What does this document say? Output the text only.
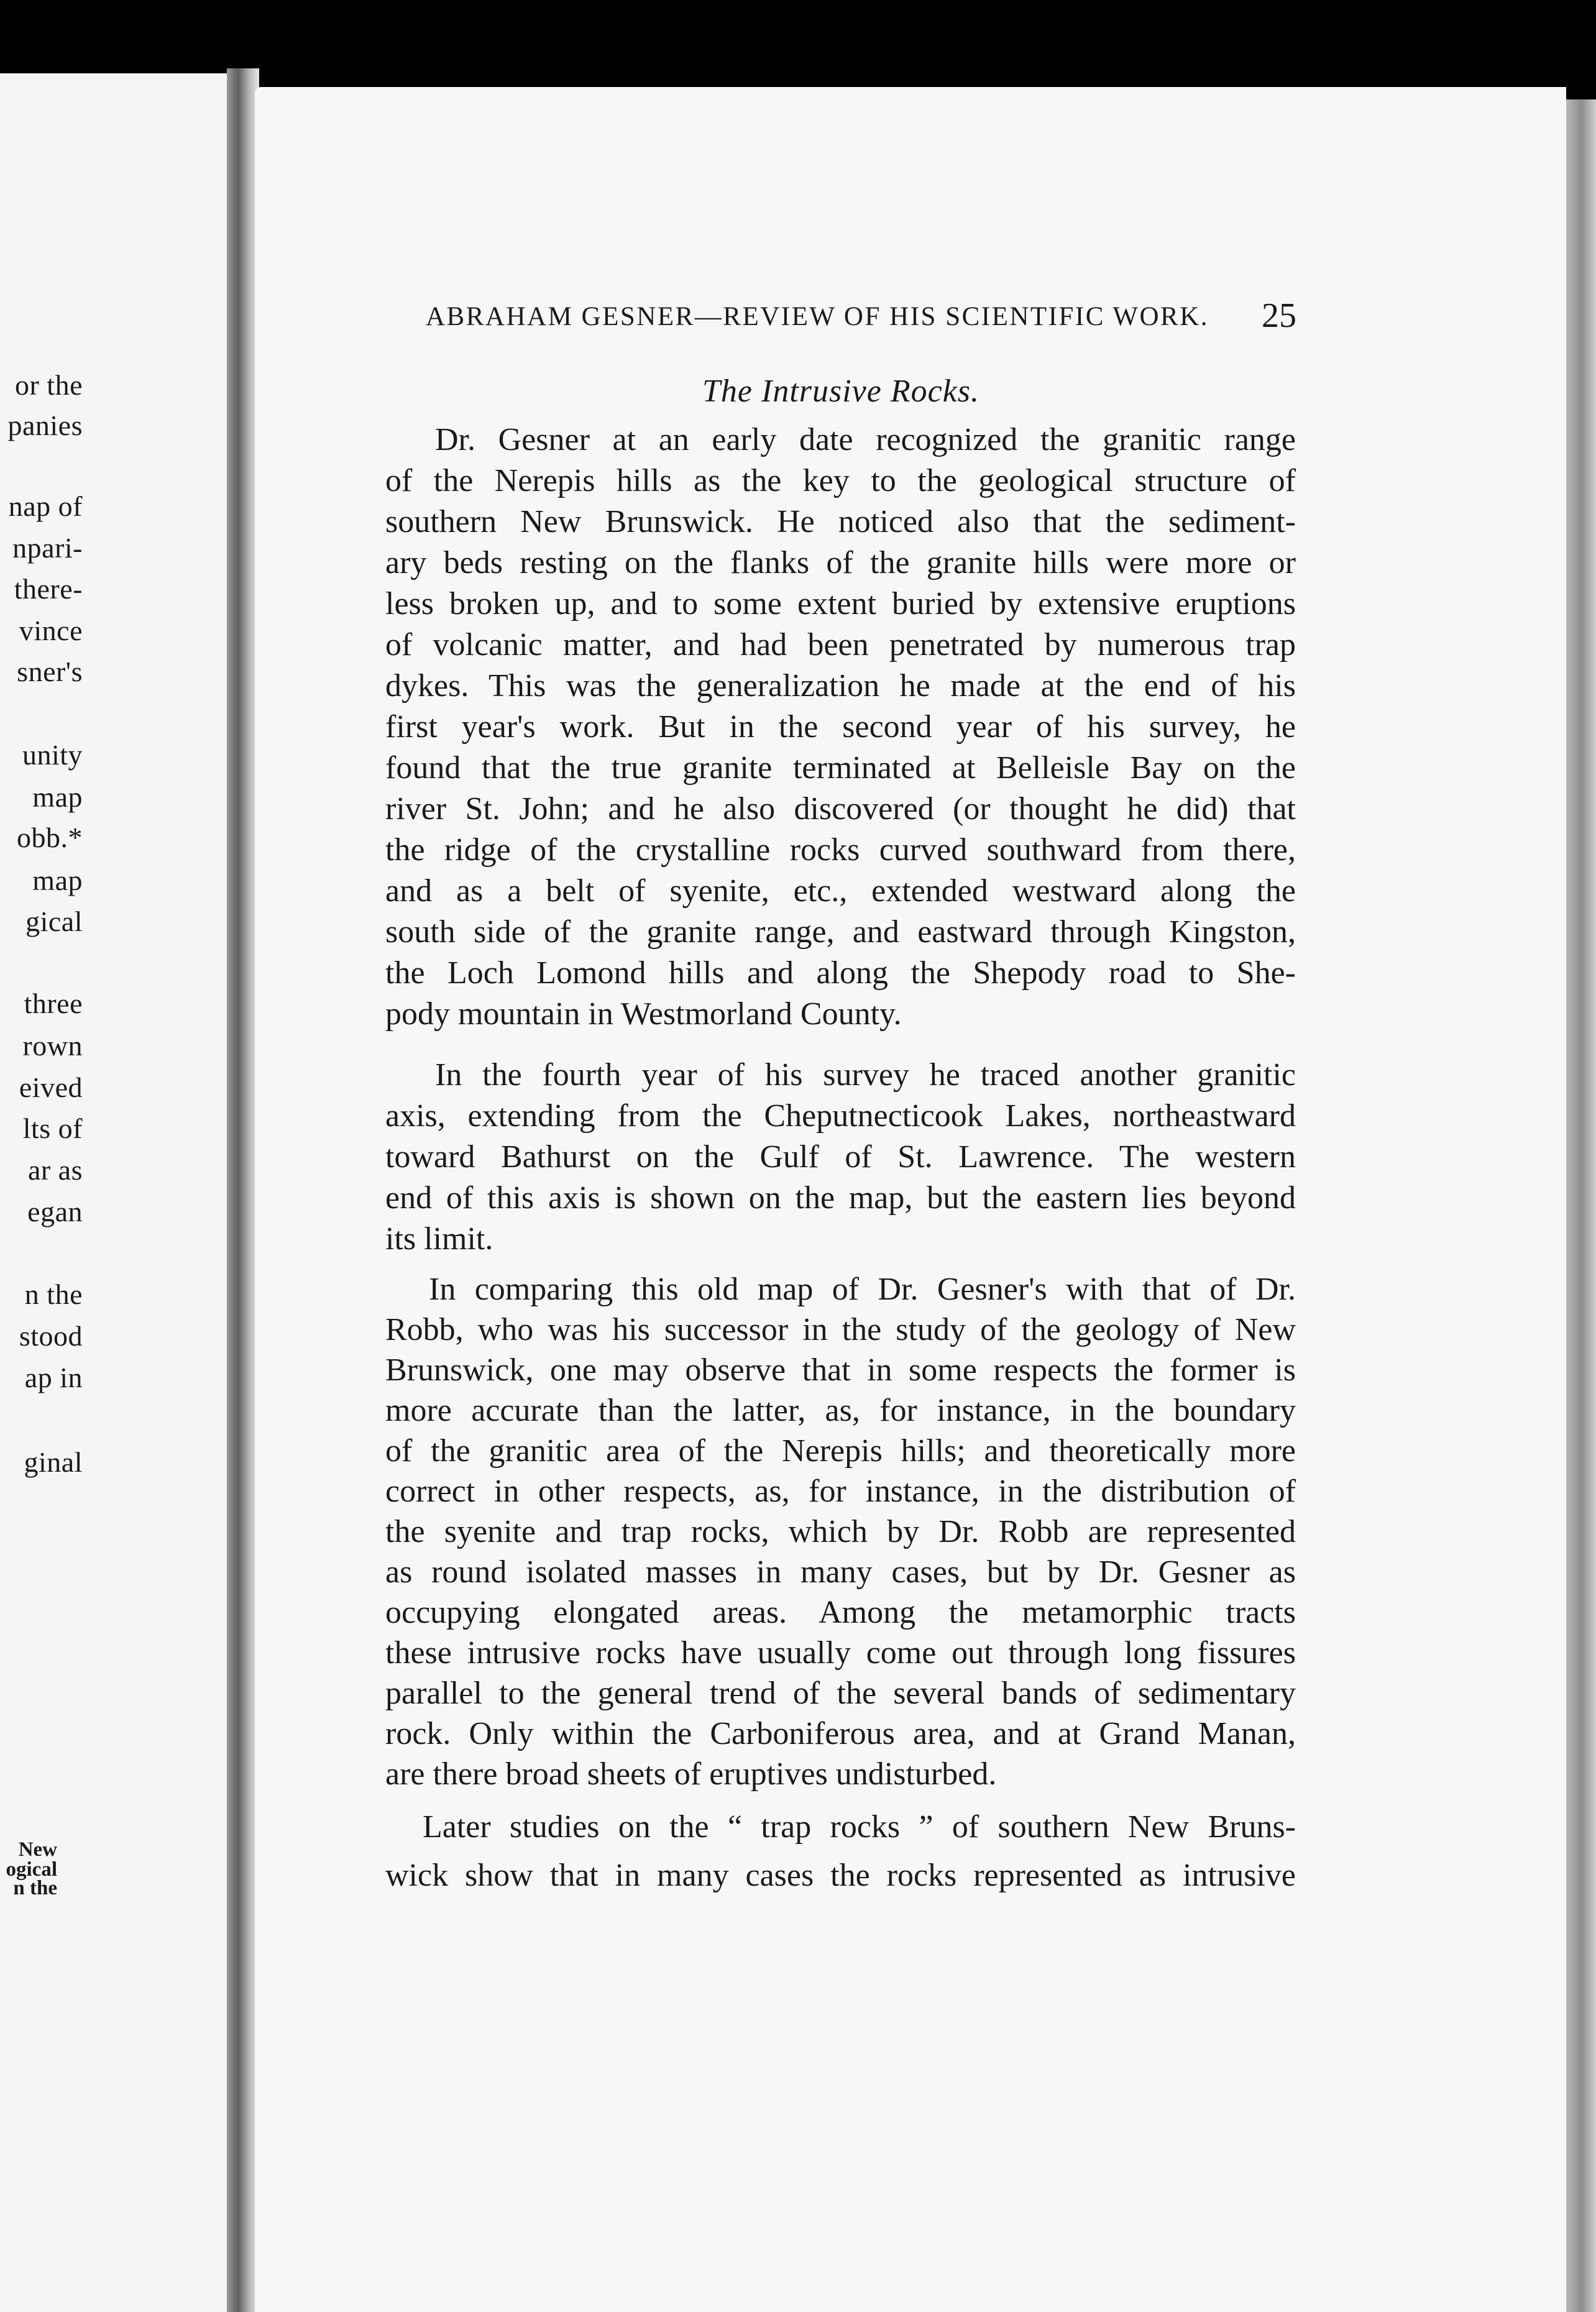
or the
panies
nap of
npari-
there-
vince
sner's
unity
map
obb.*
map
gical
three
rown
eived
lts of
ar as
egan
n the
stood
ap in
ginal
New
ogical
n the
ABRAHAM GESNER—REVIEW OF HIS SCIENTIFIC WORK. 25
The Intrusive Rocks.
Dr. Gesner at an early date recognized the granitic range
of the Nerepis hills as the key to the geological structure of
southern New Brunswick. He noticed also that the sediment-
ary beds resting on the flanks of the granite hills were more or
less broken up, and to some extent buried by extensive eruptions
of volcanic matter, and had been penetrated by numerous trap
dykes. This was the generalization he made at the end of his
first year's work. But in the second year of his survey, he
found that the true granite terminated at Belleisle Bay on the
river St. John; and he also discovered (or thought he did) that
the ridge of the crystalline rocks curved southward from there,
and as a belt of syenite, etc., extended westward along the
south side of the granite range, and eastward through Kingston,
the Loch Lomond hills and along the Shepody road to She-
pody mountain in Westmorland County.
In the fourth year of his survey he traced another granitic
axis, extending from the Cheputnecticook Lakes, northeastward
toward Bathurst on the Gulf of St. Lawrence. The western
end of this axis is shown on the map, but the eastern lies beyond
its limit.
In comparing this old map of Dr. Gesner's with that of Dr.
Robb, who was his successor in the study of the geology of New
Brunswick, one may observe that in some respects the former is
more accurate than the latter, as, for instance, in the boundary
of the granitic area of the Nerepis hills; and theoretically more
correct in other respects, as, for instance, in the distribution of
the syenite and trap rocks, which by Dr. Robb are represented
as round isolated masses in many cases, but by Dr. Gesner as
occupying elongated areas. Among the metamorphic tracts
these intrusive rocks have usually come out through long fissures
parallel to the general trend of the several bands of sedimentary
rock. Only within the Carboniferous area, and at Grand Manan,
are there broad sheets of eruptives undisturbed.
Later studies on the “ trap rocks ” of southern New Bruns-
wick show that in many cases the rocks represented as intrusive
